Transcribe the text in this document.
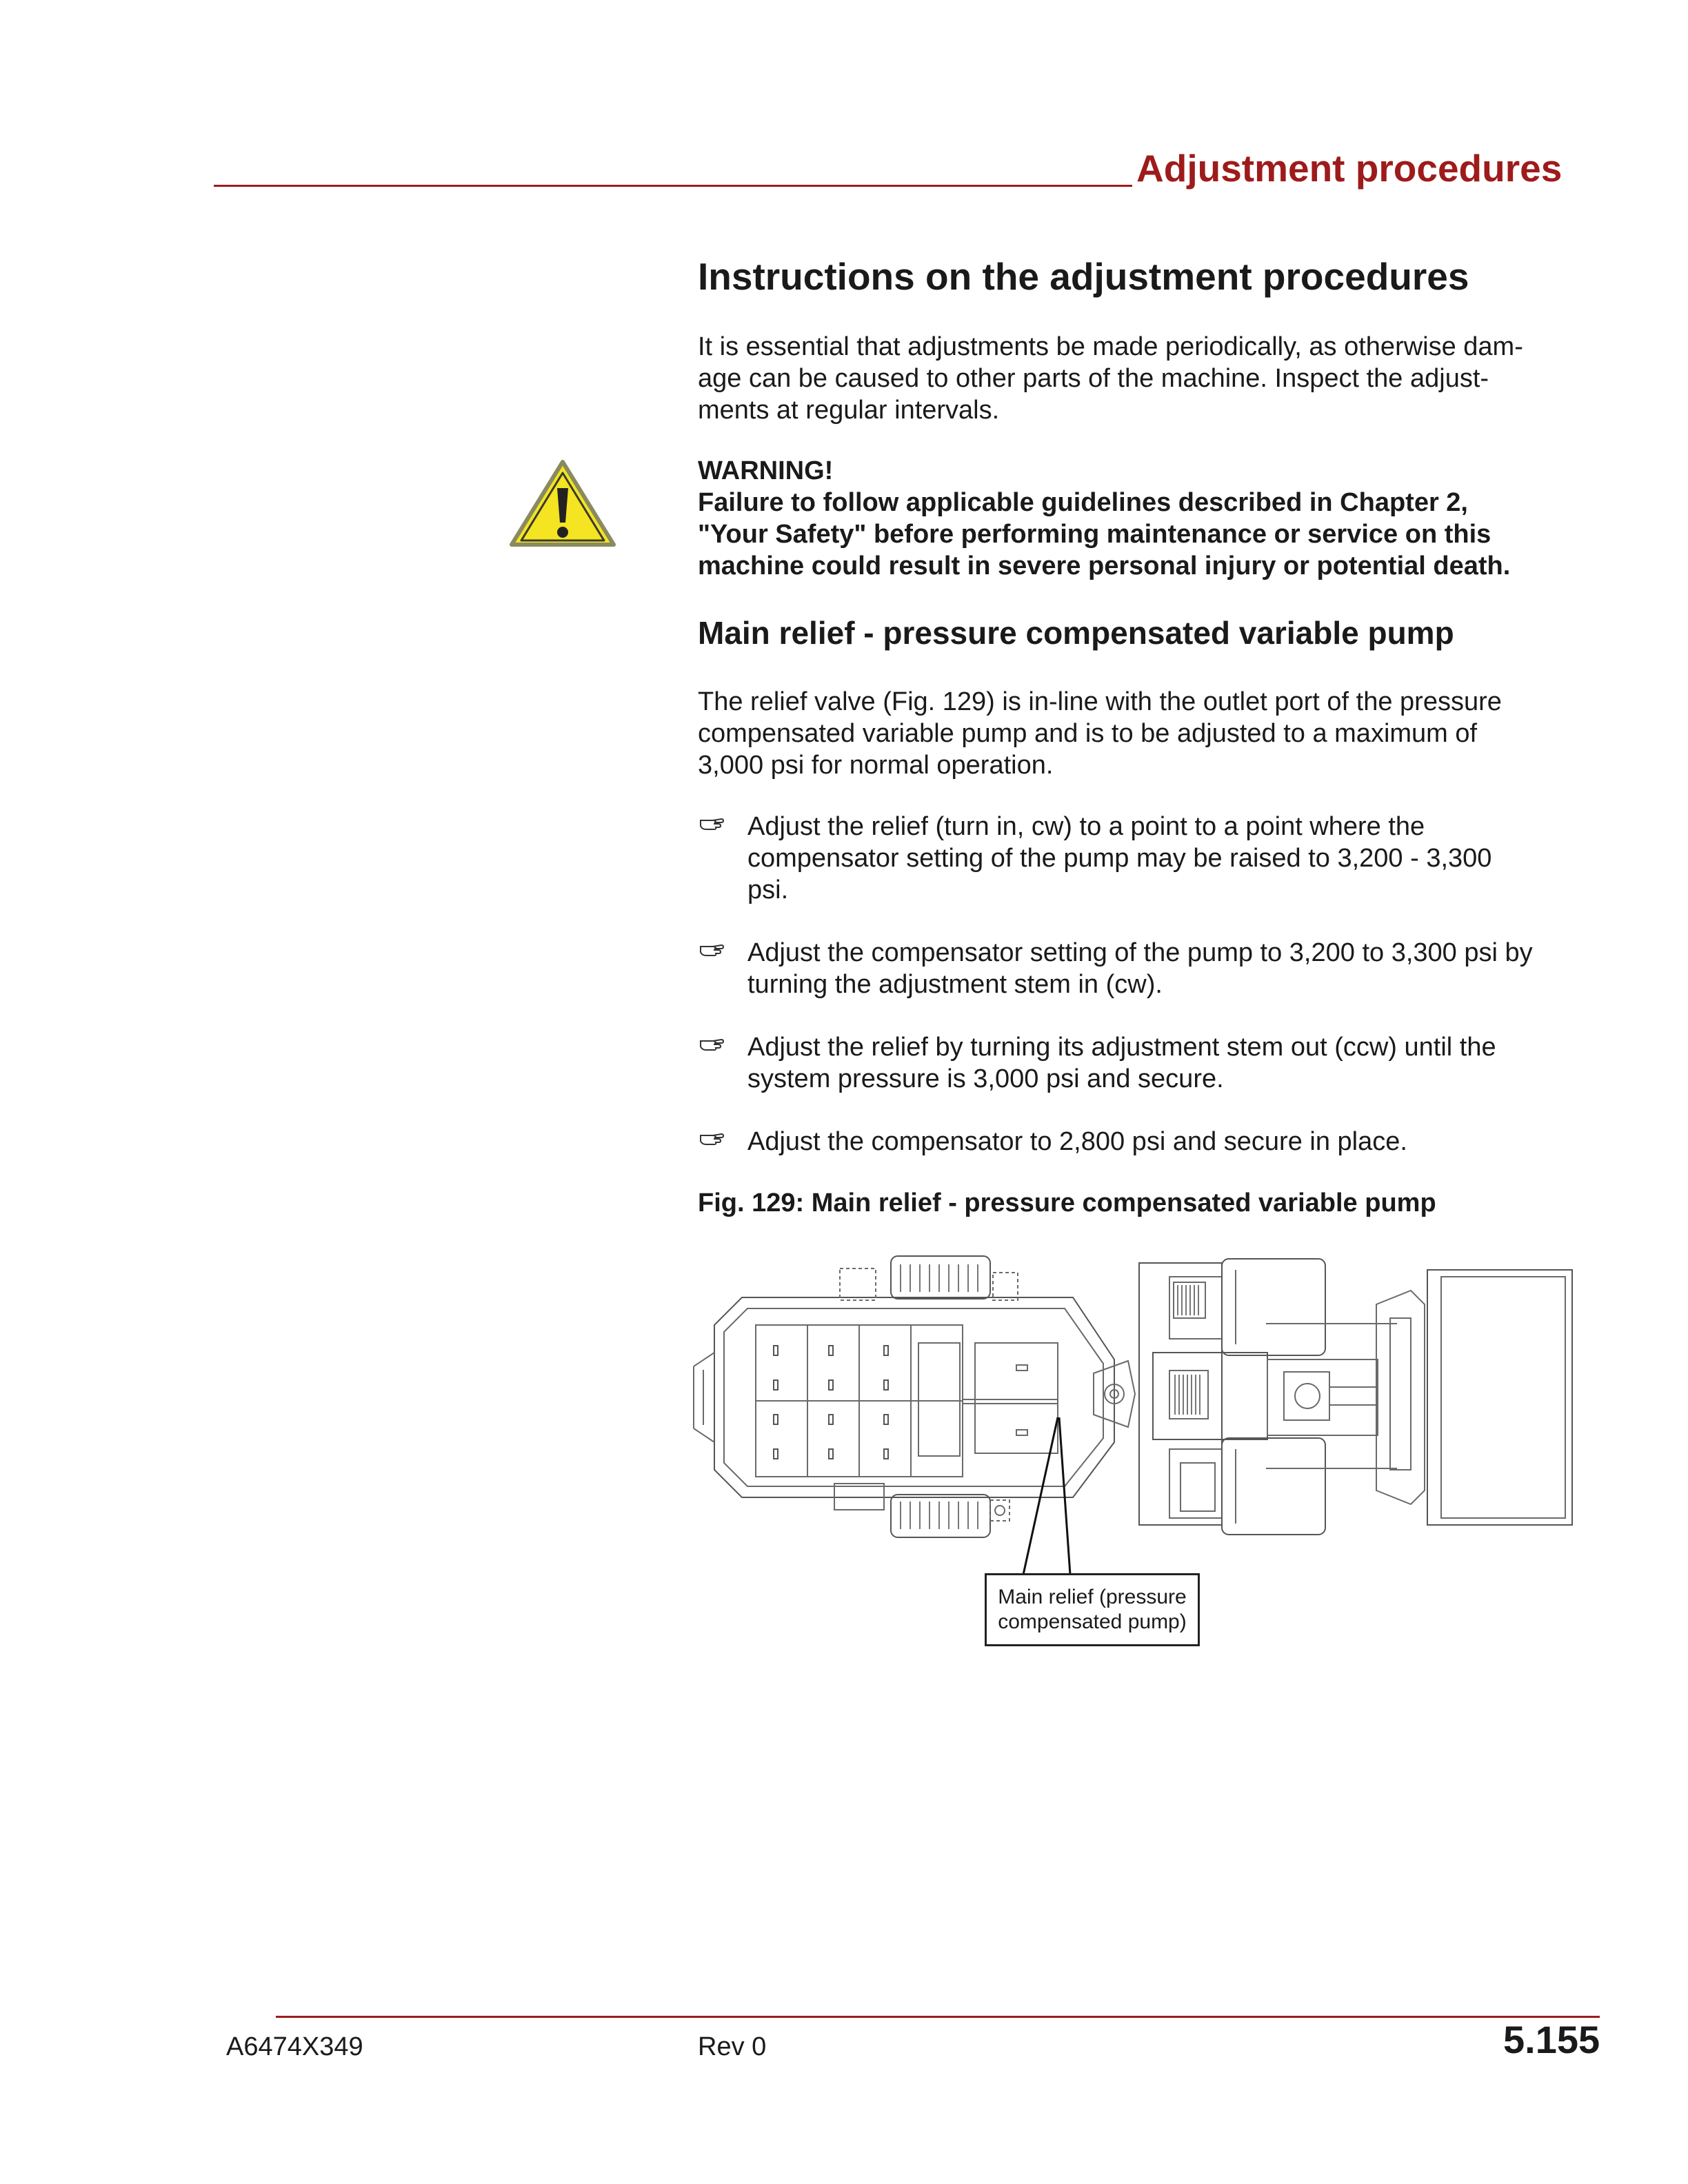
Adjustment procedures
Instructions on the adjustment procedures
It is essential that adjustments be made periodically, as otherwise dam-
age can be caused to other parts of the machine. Inspect the adjust-
ments at regular intervals.
WARNING!
Failure to follow applicable guidelines described in Chapter 2,
"Your Safety" before performing maintenance or service on this
machine could result in severe personal injury or potential death.
Main relief - pressure compensated variable pump
The relief valve (Fig. 129) is in-line with the outlet port of the pressure
compensated variable pump and is to be adjusted to a maximum of
3,000 psi for normal operation.
Adjust the relief (turn in, cw) to a point to a point where the
compensator setting of the pump may be raised to 3,200 - 3,300
psi.
Adjust the compensator setting of the pump to 3,200 to 3,300 psi by
turning the adjustment stem in (cw).
Adjust the relief by turning its adjustment stem out (ccw) until the
system pressure is 3,000 psi and secure.
Adjust the compensator to 2,800 psi and secure in place.
Fig. 129: Main relief - pressure compensated variable pump
Main relief (pressure
compensated pump)
A6474X349	Rev 0	5.155
